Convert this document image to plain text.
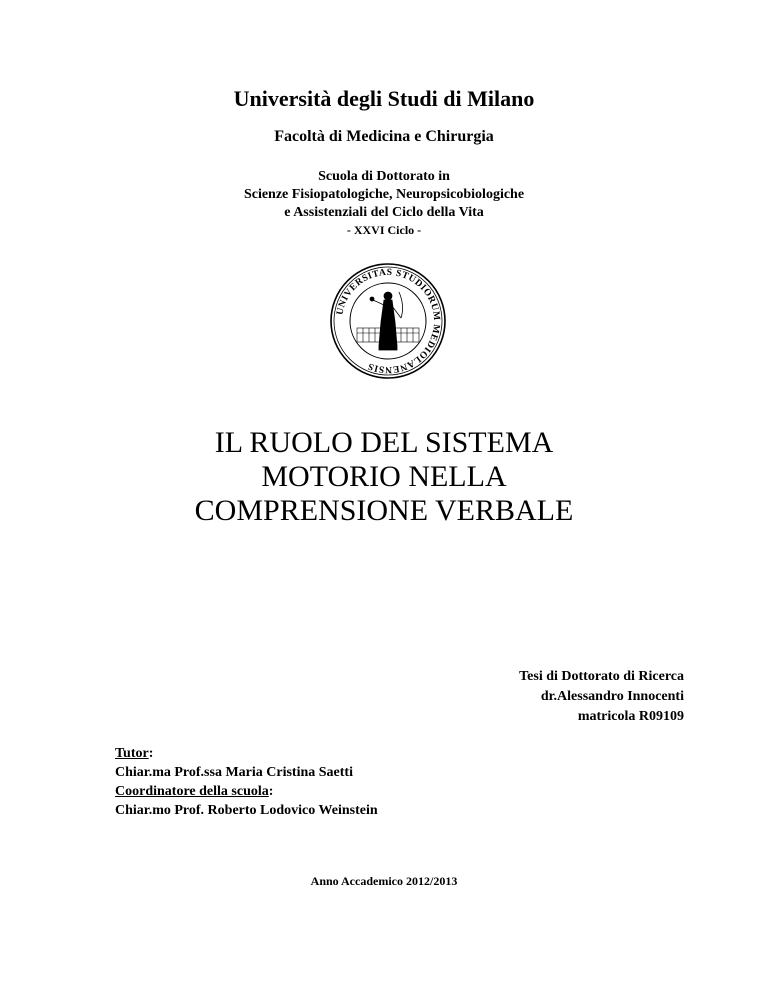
Università degli Studi di Milano
Facoltà di Medicina e Chirurgia
Scuola di Dottorato in
Scienze Fisiopatologiche, Neuropsicobiologiche
e Assistenziali del Ciclo della Vita
- XXVI Ciclo -
UNIVERSITAS STUDIORUM MEDIOLANENSIS
IL RUOLO DEL SISTEMA
MOTORIO NELLA
COMPRENSIONE VERBALE
Tesi di Dottorato di Ricerca
dr.Alessandro Innocenti
matricola R09109
Tutor:
Chiar.ma Prof.ssa Maria Cristina Saetti
Coordinatore della scuola:
Chiar.mo Prof. Roberto Lodovico Weinstein
Anno Accademico 2012/2013
